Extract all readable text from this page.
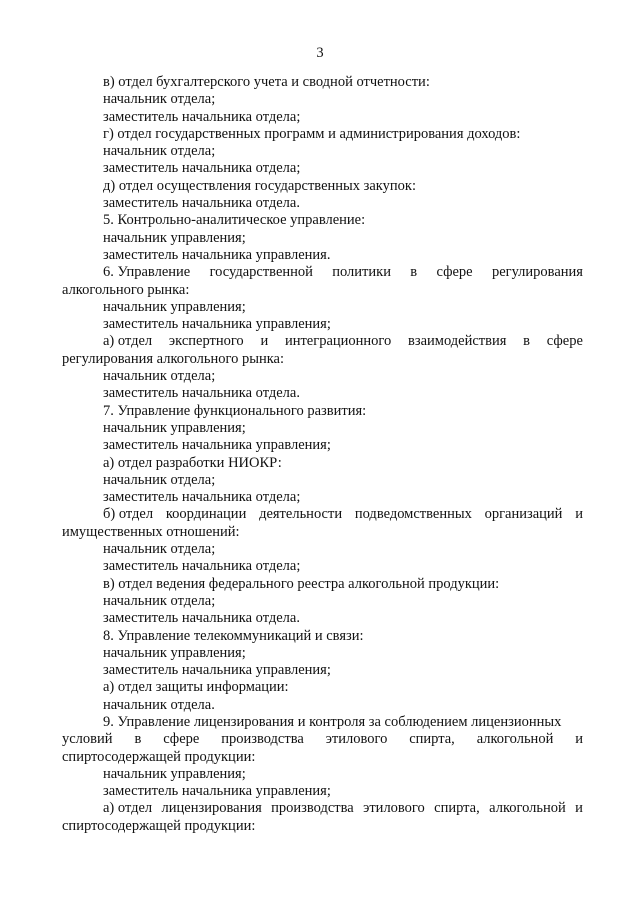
3
в) отдел бухгалтерского учета и сводной отчетности:
начальник отдела;
заместитель начальника отдела;
г) отдел государственных программ и администрирования доходов:
начальник отдела;
заместитель начальника отдела;
д) отдел осуществления государственных закупок:
заместитель начальника отдела.
5. Контрольно-аналитическое управление:
начальник управления;
заместитель начальника управления.
6. Управление государственной политики в сфере регулирования
алкогольного рынка:
начальник управления;
заместитель начальника управления;
а) отдел экспертного и интеграционного взаимодействия в сфере
регулирования алкогольного рынка:
начальник отдела;
заместитель начальника отдела.
7. Управление функционального развития:
начальник управления;
заместитель начальника управления;
а) отдел разработки НИОКР:
начальник отдела;
заместитель начальника отдела;
б) отдел координации деятельности подведомственных организаций и
имущественных отношений:
начальник отдела;
заместитель начальника отдела;
в) отдел ведения федерального реестра алкогольной продукции:
начальник отдела;
заместитель начальника отдела.
8. Управление телекоммуникаций и связи:
начальник управления;
заместитель начальника управления;
а) отдел защиты информации:
начальник отдела.
9. Управление лицензирования и контроля за соблюдением лицензионных
условий в сфере производства этилового спирта, алкогольной и
спиртосодержащей продукции:
начальник управления;
заместитель начальника управления;
а) отдел лицензирования производства этилового спирта, алкогольной и
спиртосодержащей продукции:
